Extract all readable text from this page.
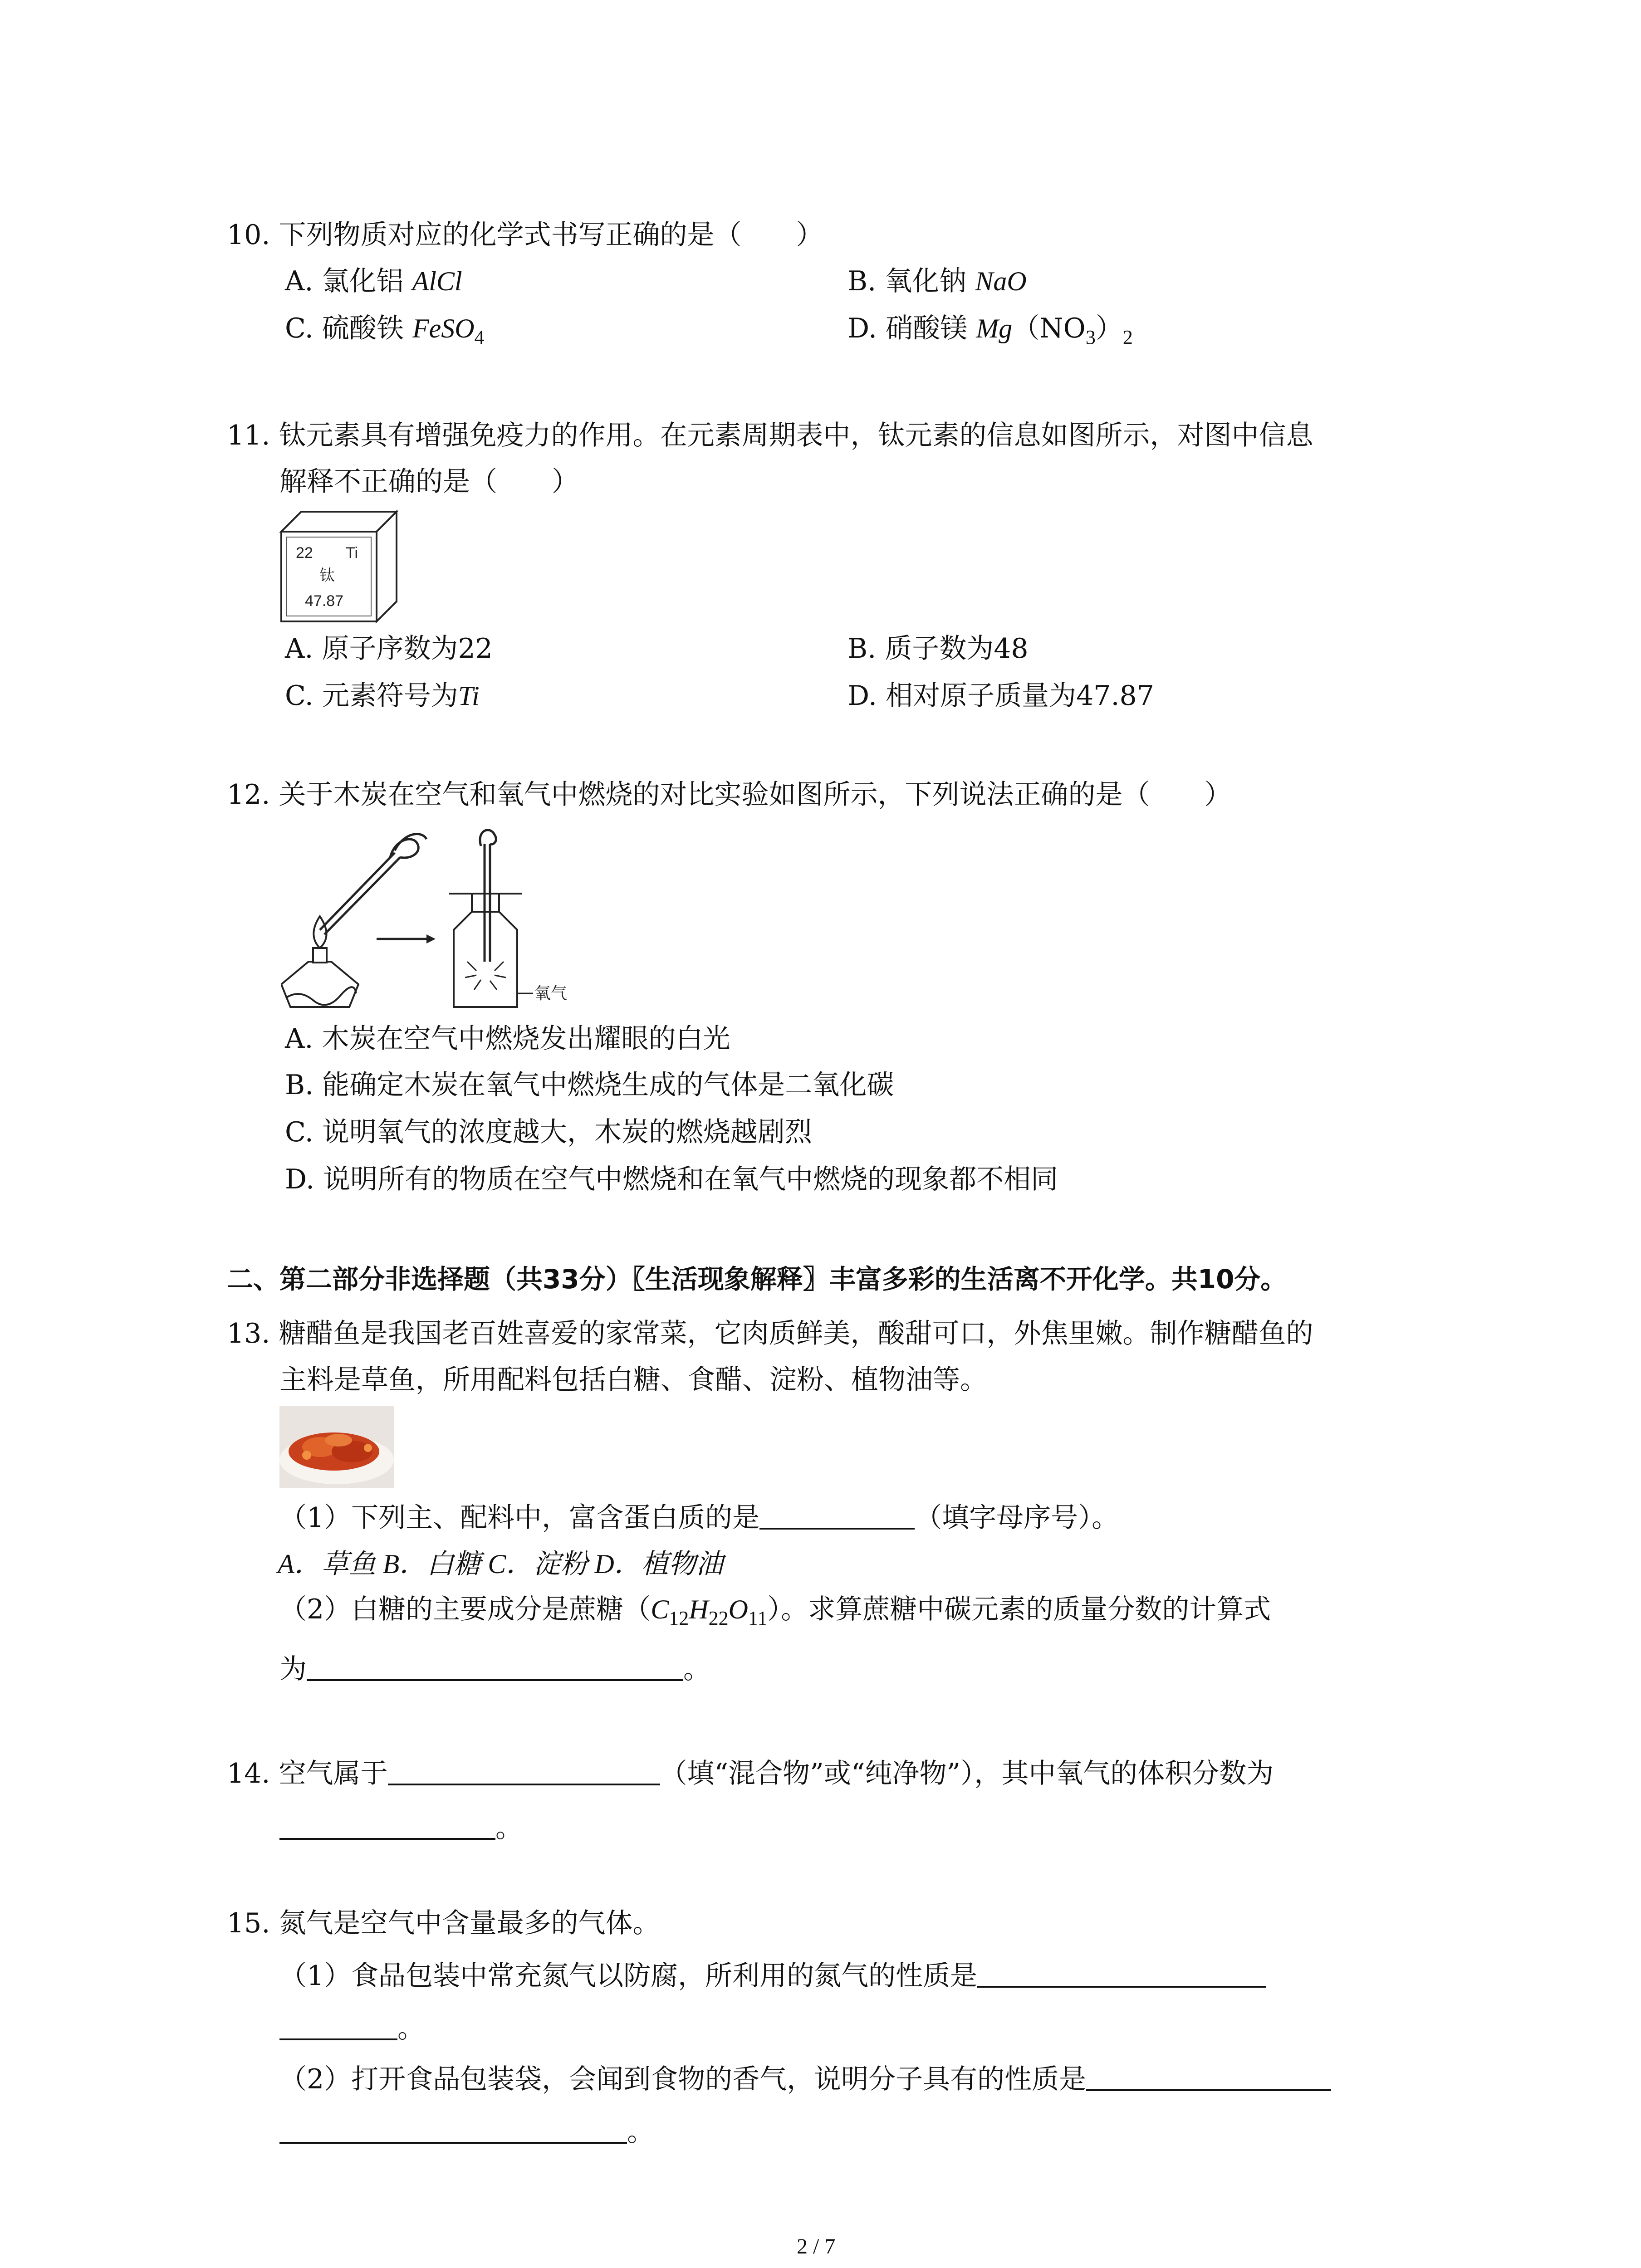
10. 下列物质对应的化学式书写正确的是（　　）
A. 氯化铝 AlCl	B. 氧化钠 NaO
C. 硫酸铁 FeSO$_4$	D. 硝酸镁 $Mg(NO_3)_2$
11. 钛元素具有增强免疫力的作用。在元素周期表中，钛元素的信息如图所示，对图中信息
解释不正确的是（　　）
22 Ti
钛
47.87
A. 原子序数为22	B. 质子数为48
C. 元素符号为Ti	D. 相对原子质量为47.87
12. 关于木炭在空气和氧气中燃烧的对比实验如图所示，下列说法正确的是（　　）
氧气
A. 木炭在空气中燃烧发出耀眼的白光
B. 能确定木炭在氧气中燃烧生成的气体是二氧化碳
C. 说明氧气的浓度越大，木炭的燃烧越剧烈
D. 说明所有的物质在空气中燃烧和在氧气中燃烧的现象都不相同
二、第二部分非选择题（共33分）〖生活现象解释〗丰富多彩的生活离不开化学。共10分。
13. 糖醋鱼是我国老百姓喜爱的家常菜，它肉质鲜美，酸甜可口，外焦里嫩。制作糖醋鱼的
主料是草鱼，所用配料包括白糖、食醋、淀粉、植物油等。
（1）下列主、配料中，富含蛋白质的是	（填字母序号）。
A．草鱼 B．白糖 C．淀粉 D．植物油
（2）白糖的主要成分是蔗糖$(C_{12}H_{22}O_{11})$。求算蔗糖中碳元素的质量分数的计算式
为	。
14. 空气属于	（填“混合物”或“纯净物”），其中氧气的体积分数为
。
15. 氮气是空气中含量最多的气体。
（1）食品包装中常充氮气以防腐，所利用的氮气的性质是
。
（2）打开食品包装袋，会闻到食物的香气，说明分子具有的性质是
。
2 / 7
